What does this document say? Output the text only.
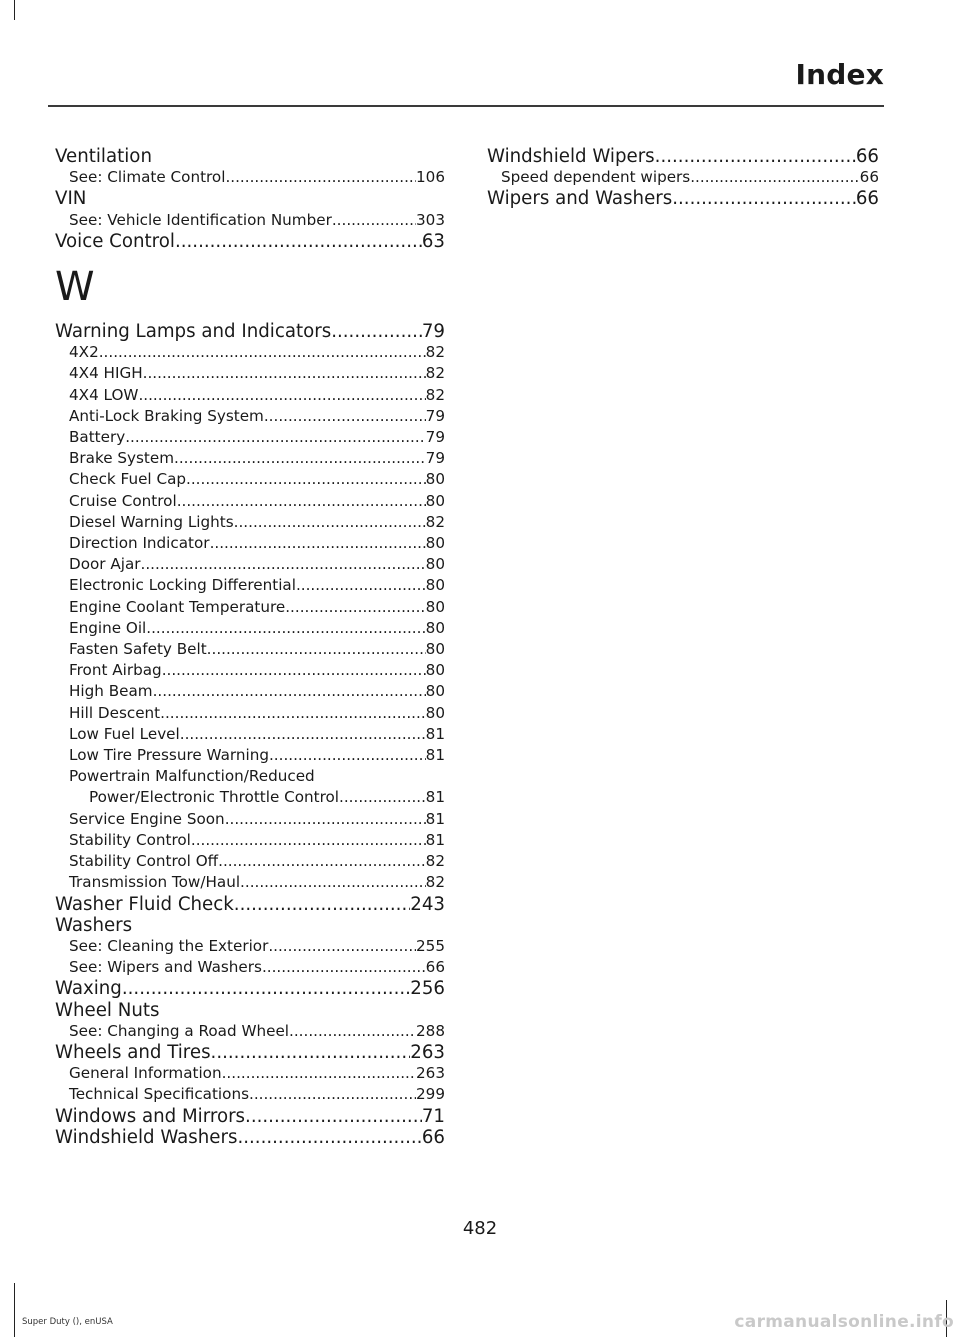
Index
Ventilation
See: Climate Control .....	106
VIN
See: Vehicle Identification Number .....	303
Voice Control .....	63
W
Warning Lamps and Indicators .....	79
4X2 .....	82
4X4 HIGH .....	82
4X4 LOW .....	82
Anti-Lock Braking System .....	79
Battery .....	79
Brake System .....	79
Check Fuel Cap .....	80
Cruise Control .....	80
Diesel Warning Lights .....	82
Direction Indicator .....	80
Door Ajar .....	80
Electronic Locking Differential .....	80
Engine Coolant Temperature .....	80
Engine Oil .....	80
Fasten Safety Belt .....	80
Front Airbag .....	80
High Beam .....	80
Hill Descent .....	80
Low Fuel Level .....	81
Low Tire Pressure Warning .....	81
Powertrain Malfunction/Reduced
Power/Electronic Throttle Control .....	81
Service Engine Soon .....	81
Stability Control .....	81
Stability Control Off .....	82
Transmission Tow/Haul .....	82
Washer Fluid Check .....	243
Washers
See: Cleaning the Exterior .....	255
See: Wipers and Washers .....	66
Waxing .....	256
Wheel Nuts
See: Changing a Road Wheel .....	288
Wheels and Tires .....	263
General Information .....	263
Technical Specifications .....	299
Windows and Mirrors .....	71
Windshield Washers .....	66
Windshield Wipers .....	66
Speed dependent wipers .....	66
Wipers and Washers .....	66
482
Super Duty (), enUSA	carmanualsonline.info
